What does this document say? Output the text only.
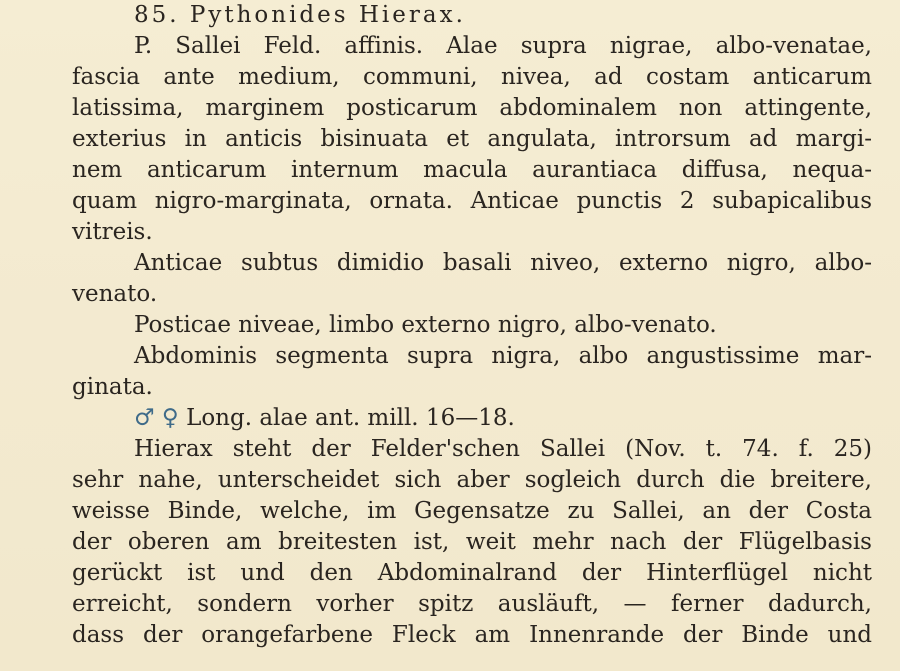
85. Pythonides Hierax.
P. Sallei Feld. affinis. Alae supra nigrae, albo-venatae,
fascia ante medium, communi, nivea, ad costam anticarum
latissima, marginem posticarum abdominalem non attingente,
exterius in anticis bisinuata et angulata, introrsum ad margi-
nem anticarum internum macula aurantiaca diffusa, nequa-
quam nigro-marginata, ornata. Anticae punctis 2 subapicalibus
vitreis.
Anticae subtus dimidio basali niveo, externo nigro, albo-
venato.
Posticae niveae, limbo externo nigro, albo-venato.
Abdominis segmenta supra nigra, albo angustissime mar-
ginata.
♂ ♀ Long. alae ant. mill. 16—18.
Hierax steht der Felder'schen Sallei (Nov. t. 74. f. 25)
sehr nahe, unterscheidet sich aber sogleich durch die breitere,
weisse Binde, welche, im Gegensatze zu Sallei, an der Costa
der oberen am breitesten ist, weit mehr nach der Flügelbasis
gerückt ist und den Abdominalrand der Hinterflügel nicht
erreicht, sondern vorher spitz ausläuft, — ferner dadurch,
dass der orangefarbene Fleck am Innenrande der Binde und
